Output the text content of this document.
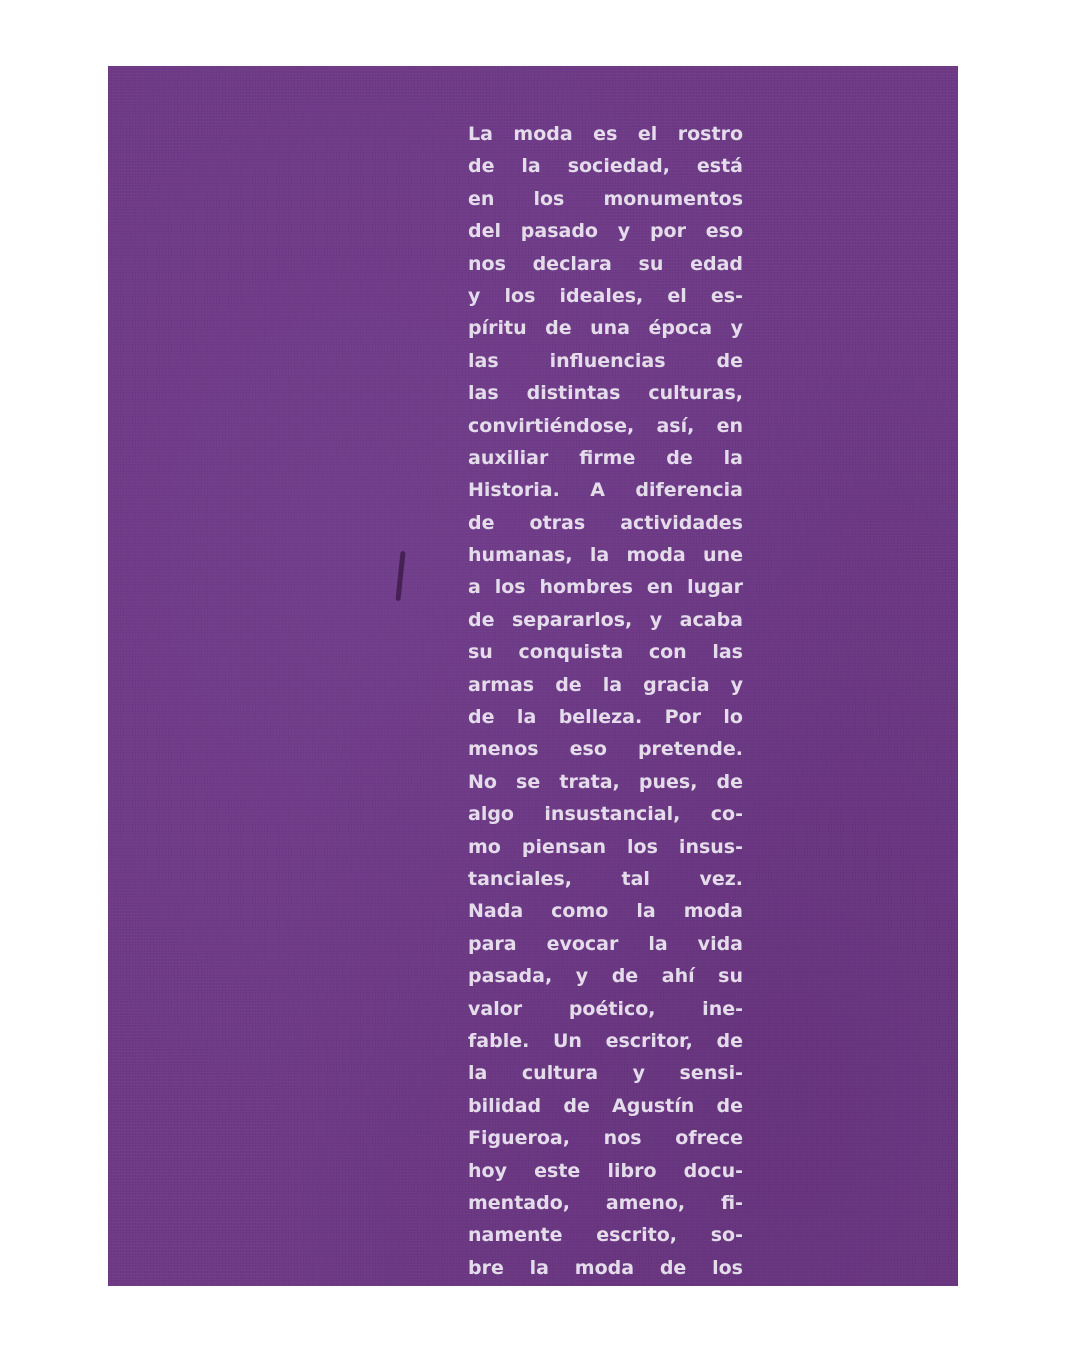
La moda es el rostro
de la sociedad, está
en los monumentos
del pasado y por eso
nos declara su edad
y los ideales, el es-
píritu de una época y
las influencias de
las distintas culturas,
convirtiéndose, así, en
auxiliar firme de la
Historia. A diferencia
de otras actividades
humanas, la moda une
a los hombres en lugar
de separarlos, y acaba
su conquista con las
armas de la gracia y
de la belleza. Por lo
menos eso pretende.
No se trata, pues, de
algo insustancial, co-
mo piensan los insus-
tanciales, tal vez.
Nada como la moda
para evocar la vida
pasada, y de ahí su
valor poético, ine-
fable. Un escritor, de
la cultura y sensi-
bilidad de Agustín de
Figueroa, nos ofrece
hoy este libro docu-
mentado, ameno, fi-
namente escrito, so-
bre la moda de los
